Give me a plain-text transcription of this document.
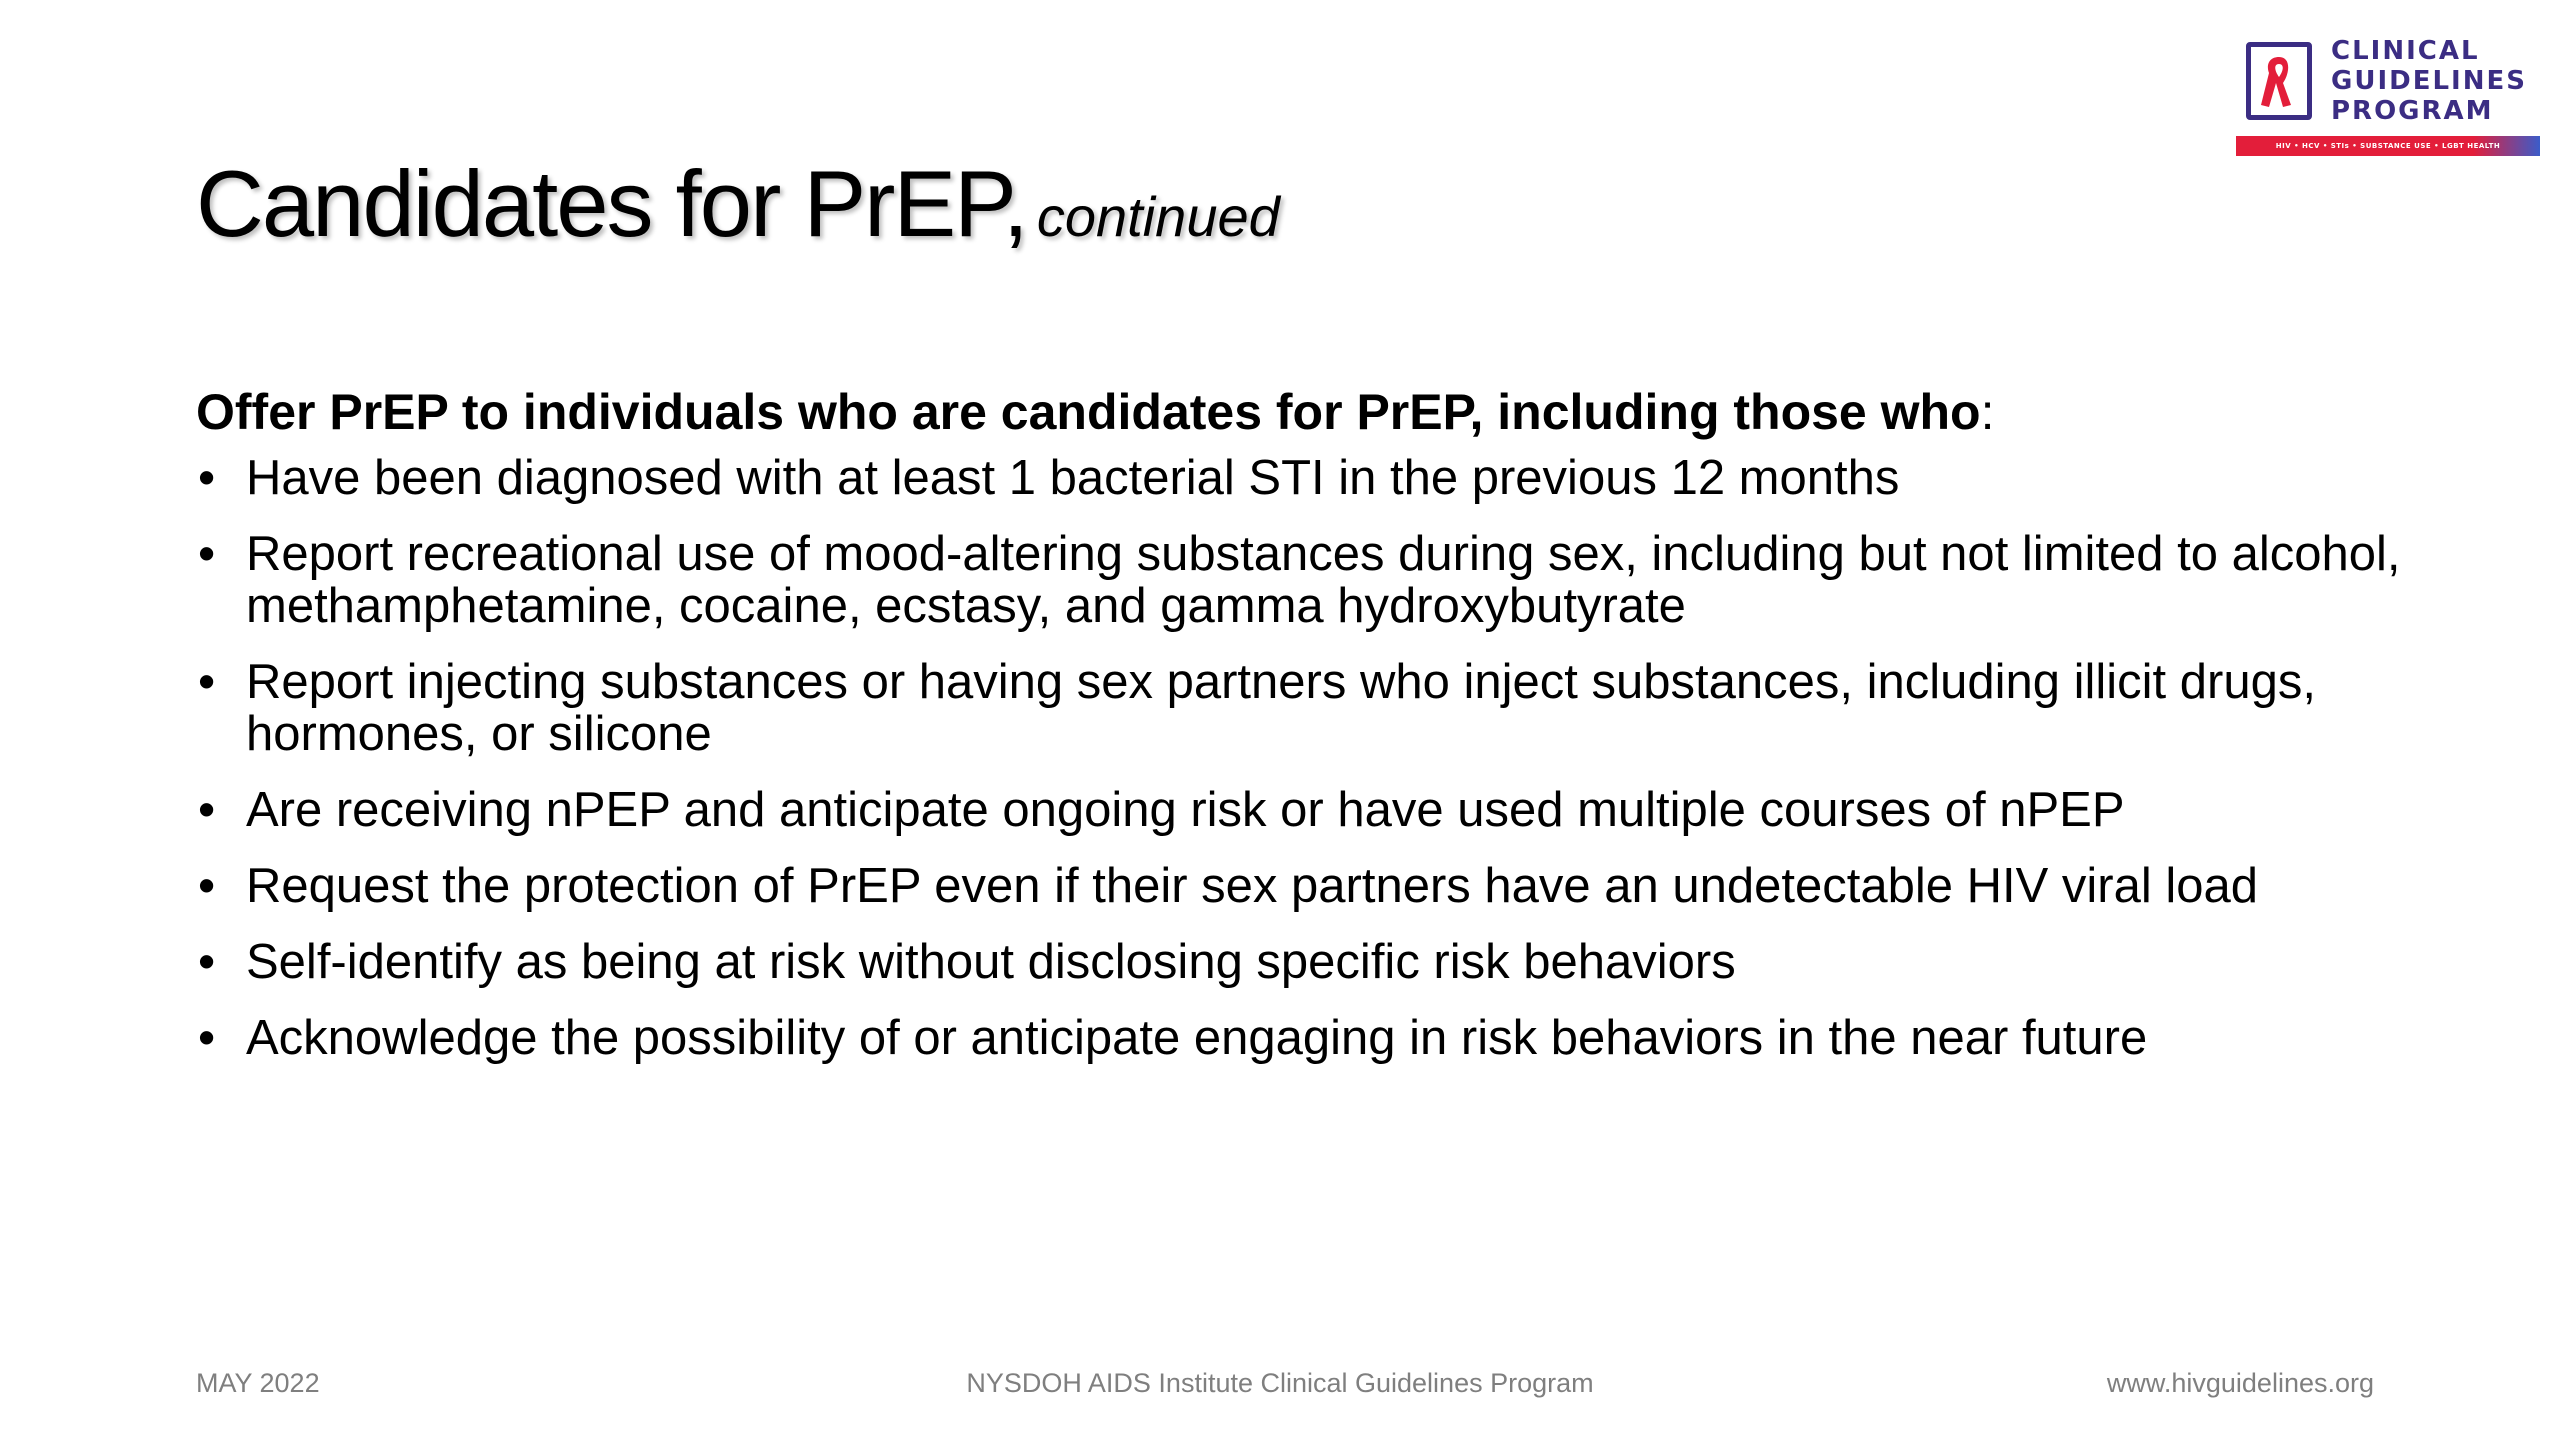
CLINICAL
GUIDELINES
PROGRAM
HIV • HCV • STIs • SUBSTANCE USE • LGBT HEALTH
Candidates for PrEP, continued
Offer PrEP to individuals who are candidates for PrEP, including those who:
• Have been diagnosed with at least 1 bacterial STI in the previous 12 months
• Report recreational use of mood-altering substances during sex, including but not limited to alcohol, methamphetamine, cocaine, ecstasy, and gamma hydroxybutyrate
• Report injecting substances or having sex partners who inject substances, including illicit drugs, hormones, or silicone
• Are receiving nPEP and anticipate ongoing risk or have used multiple courses of nPEP
• Request the protection of PrEP even if their sex partners have an undetectable HIV viral load
• Self-identify as being at risk without disclosing specific risk behaviors
• Acknowledge the possibility of or anticipate engaging in risk behaviors in the near future
NYSDOH AIDS Institute Clinical Guidelines Program
MAY 2022	www.hivguidelines.org
